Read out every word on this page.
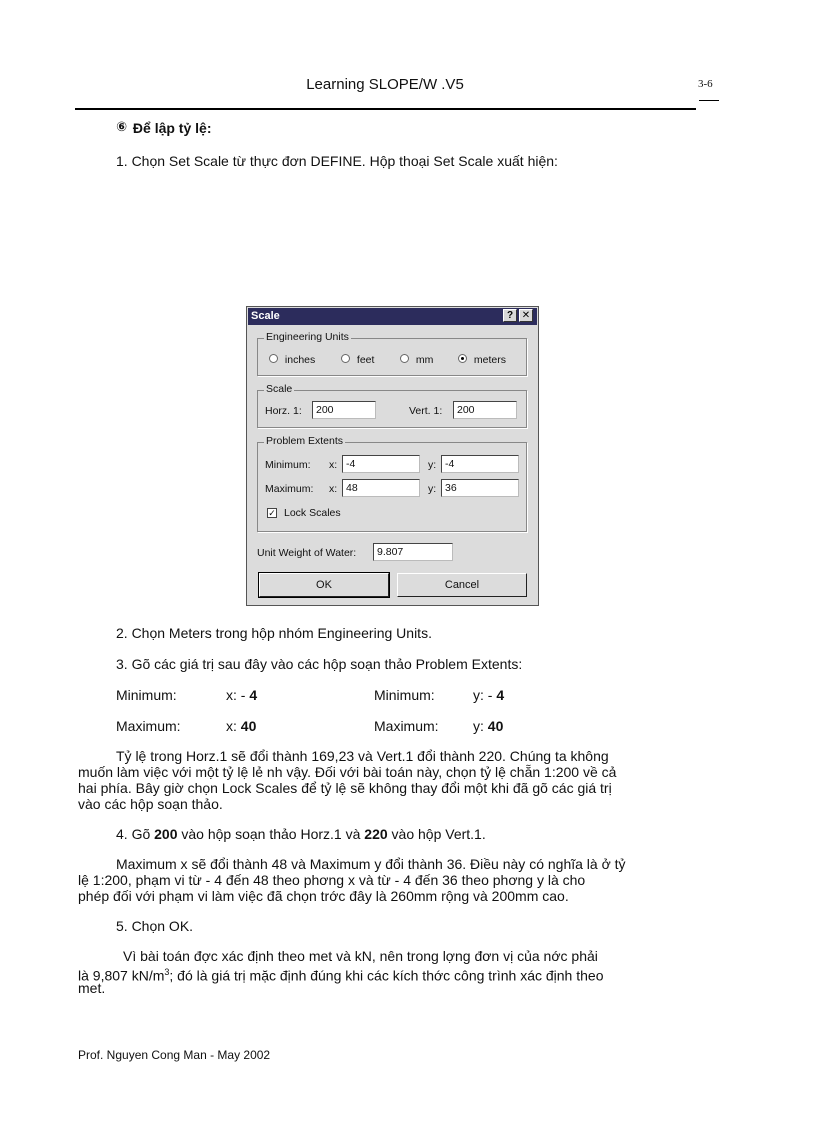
Learning SLOPE/W .V5	3-6
⑥ Để lập tỷ lệ:
1. Chọn Set Scale từ thực đơn DEFINE. Hộp thoại Set Scale xuất hiện:
Scale	? ✕
Engineering Units
inches	feet	mm	meters
Scale
Horz. 1:	200	Vert. 1:	200
Problem Extents
Minimum: x: -4	y: -4
Maximum: x: 48	y: 36
✓ Lock Scales
Unit Weight of Water:	9.807
OK	Cancel
2. Chọn Meters trong hộp nhóm Engineering Units.
3. Gõ các giá trị sau đây vào các hộp soạn thảo Problem Extents:
Minimum:	x: - 4	Minimum:	y: - 4
Maximum:	x: 40	Maximum: y: 40
Tỷ lệ trong Horz.1 sẽ đổi thành 169,23 và Vert.1 đổi thành 220. Chúng ta không
muốn làm việc với một tỷ lệ lẻ nh vậy. Đối với bài toán này, chọn tỷ lệ chẵn 1:200 về cả
hai phía. Bây giờ chọn Lock Scales để tỷ lệ sẽ không thay đổi một khi đã gõ các giá trị
vào các hộp soạn thảo.
4. Gõ 200 vào hộp soạn thảo Horz.1 và 220 vào hộp Vert.1.
Maximum x sẽ đổi thành 48 và Maximum y đổi thành 36. Điều này có nghĩa là ở tỷ
lệ 1:200, phạm vi từ - 4 đến 48 theo phơng x và từ - 4 đến 36 theo phơng y là cho
phép đối với phạm vi làm việc đã chọn trớc đây là 260mm rộng và 200mm cao.
5. Chọn OK.
Vì bài toán đợc xác định theo met và kN, nên trong lợng đơn vị của nớc phải
là 9,807 $kN/m^3$; đó là giá trị mặc định đúng khi các kích thớc công trình xác định theo
met.
Prof. Nguyen Cong Man - May 2002
